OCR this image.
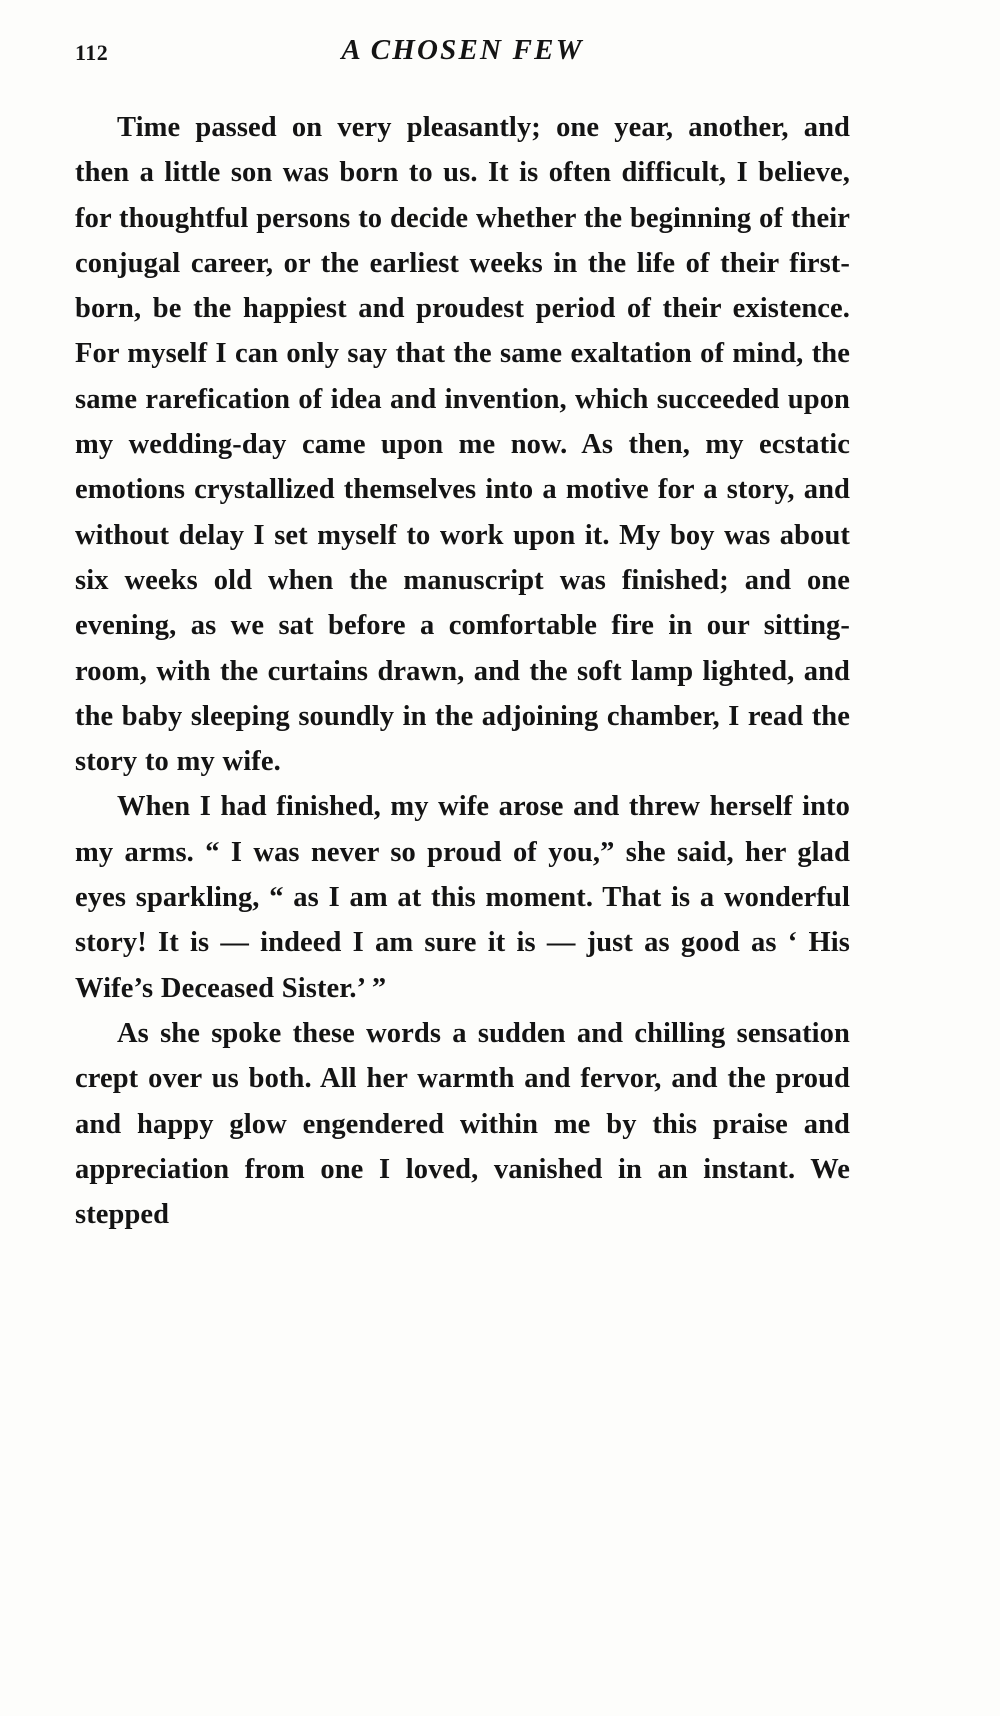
112	A CHOSEN FEW

Time passed on very pleasantly; one year, another, and then a little son was born to us. It is often difficult, I believe, for thoughtful persons to decide whether the beginning of their conjugal career, or the earliest weeks in the life of their first-born, be the happiest and proudest period of their existence. For myself I can only say that the same exaltation of mind, the same rarefication of idea and invention, which succeeded upon my wedding-day came upon me now. As then, my ecstatic emotions crystallized themselves into a motive for a story, and without delay I set myself to work upon it. My boy was about six weeks old when the manuscript was finished; and one evening, as we sat before a comfortable fire in our sitting-room, with the curtains drawn, and the soft lamp lighted, and the baby sleeping soundly in the adjoining chamber, I read the story to my wife.

When I had finished, my wife arose and threw herself into my arms. “ I was never so proud of you,” she said, her glad eyes sparkling, “ as I am at this moment. That is a wonderful story! It is — indeed I am sure it is — just as good as ‘ His Wife’s Deceased Sister.’ ”

As she spoke these words a sudden and chilling sensation crept over us both. All her warmth and fervor, and the proud and happy glow engendered within me by this praise and appreciation from one I loved, vanished in an instant. We stepped
